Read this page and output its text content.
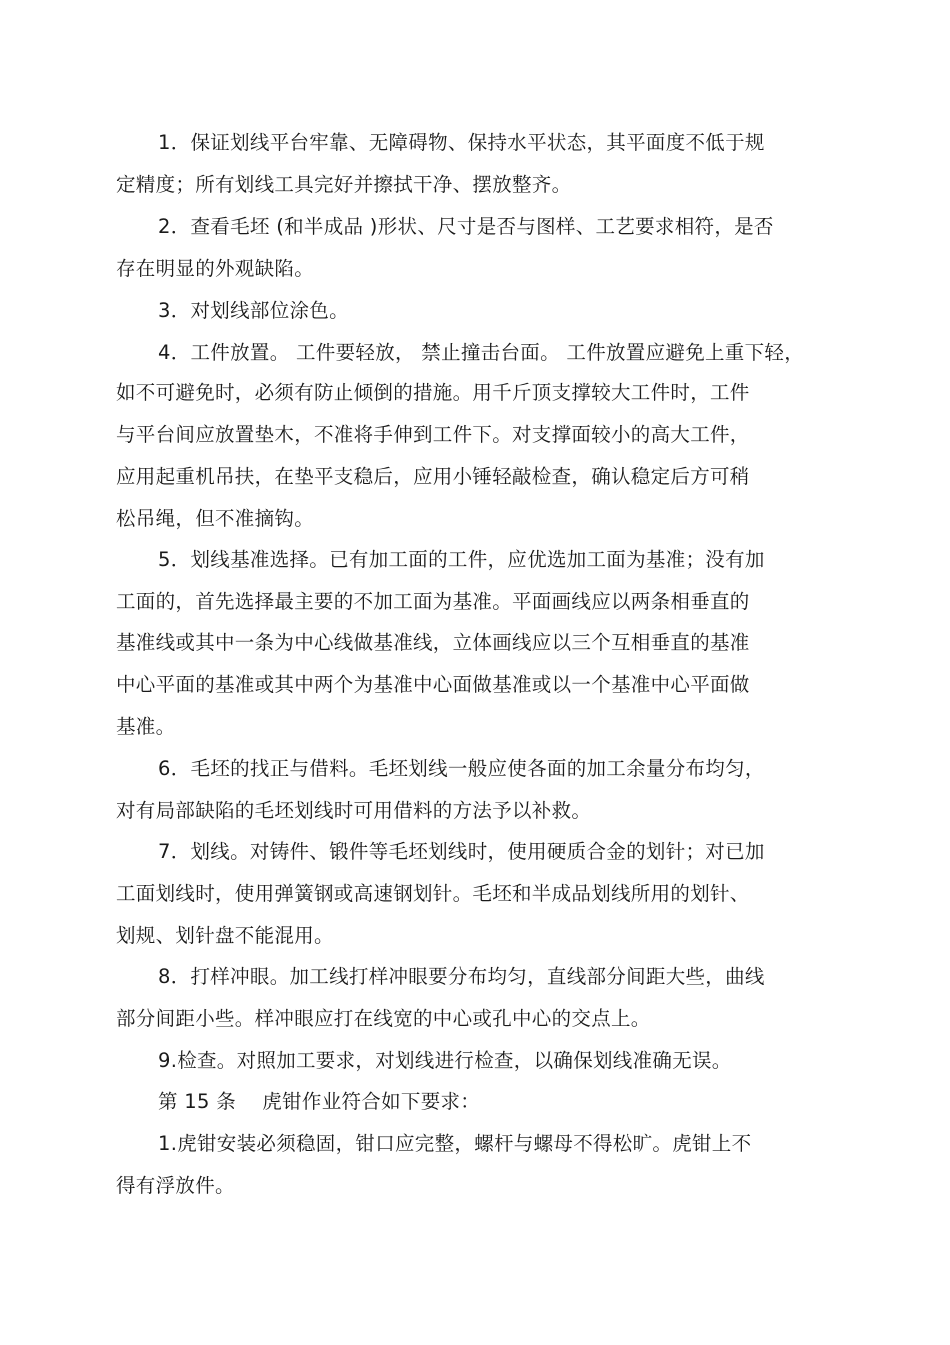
1．保证划线平台牢靠、无障碍物、保持水平状态，其平面度不低于规
定精度；所有划线工具完好并擦拭干净、摆放整齐。
2．查看毛坯 (和半成品 )形状、尺寸是否与图样、工艺要求相符，是否
存在明显的外观缺陷。
3．对划线部位涂色。
4．工件放置。 工件要轻放， 禁止撞击台面。 工件放置应避免上重下轻，
如不可避免时，必须有防止倾倒的措施。用千斤顶支撑较大工件时，工件
与平台间应放置垫木，不准将手伸到工件下。对支撑面较小的高大工件，
应用起重机吊扶，在垫平支稳后，应用小锤轻敲检查，确认稳定后方可稍
松吊绳，但不准摘钩。
5．划线基准选择。已有加工面的工件，应优选加工面为基准；没有加
工面的，首先选择最主要的不加工面为基准。平面画线应以两条相垂直的
基准线或其中一条为中心线做基准线，立体画线应以三个互相垂直的基准
中心平面的基准或其中两个为基准中心面做基准或以一个基准中心平面做
基准。
6．毛坯的找正与借料。毛坯划线一般应使各面的加工余量分布均匀，
对有局部缺陷的毛坯划线时可用借料的方法予以补救。
7．划线。对铸件、锻件等毛坯划线时，使用硬质合金的划针；对已加
工面划线时，使用弹簧钢或高速钢划针。毛坯和半成品划线所用的划针、
划规、划针盘不能混用。
8．打样冲眼。加工线打样冲眼要分布均匀，直线部分间距大些，曲线
部分间距小些。样冲眼应打在线宽的中心或孔中心的交点上。
9.检查。对照加工要求，对划线进行检查，以确保划线准确无误。
第 15 条　 虎钳作业符合如下要求：
1.虎钳安装必须稳固，钳口应完整，螺杆与螺母不得松旷。虎钳上不
得有浮放件。
